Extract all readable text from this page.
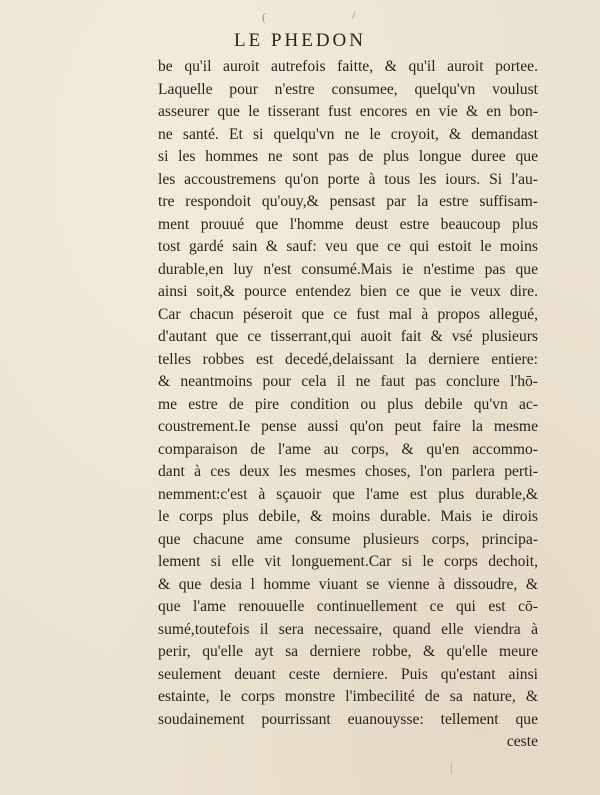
(	/
LE PHEDON
be qu'il auroit autrefois faitte, & qu'il auroit portee.
Laquelle pour n'estre consumee, quelqu'vn voulust
asseurer que le tisserant fust encores en vie & en bon-
ne santé. Et si quelqu'vn ne le croyoit, & demandast
si les hommes ne sont pas de plus longue duree que
les accoustremens qu'on porte à tous les iours. Si l'au-
tre respondoit qu'ouy,& pensast par la estre suffisam-
ment prouué que l'homme deust estre beaucoup plus
tost gardé sain & sauf: veu que ce qui estoit le moins
durable,en luy n'est consumé.Mais ie n'estime pas que
ainsi soit,& pource entendez bien ce que ie veux dire.
Car chacun péseroit que ce fust mal à propos allegué,
d'autant que ce tisserrant,qui auoit fait & vsé plusieurs
telles robbes est decedé,delaissant la derniere entiere:
& neantmoins pour cela il ne faut pas conclure l'hō-
me estre de pire condition ou plus debile qu'vn ac-
coustrement.Ie pense aussi qu'on peut faire la mesme
comparaison de l'ame au corps, & qu'en accommo-
dant à ces deux les mesmes choses, l'on parlera perti-
nemment:c'est à sçauoir que l'ame est plus durable,&
le corps plus debile, & moins durable. Mais ie dirois
que chacune ame consume plusieurs corps, principa-
lement si elle vit longuement.Car si le corps dechoit,
& que desia l homme viuant se vienne à dissoudre, &
que l'ame renouuelle continuellement ce qui est cō-
sumé,toutefois il sera necessaire, quand elle viendra à
perir, qu'elle ayt sa derniere robbe, & qu'elle meure
seulement deuant ceste derniere. Puis qu'estant ainsi
estainte, le corps monstre l'imbecilité de sa nature, &
soudainement pourrissant euanouysse: tellement que
ceste
|
